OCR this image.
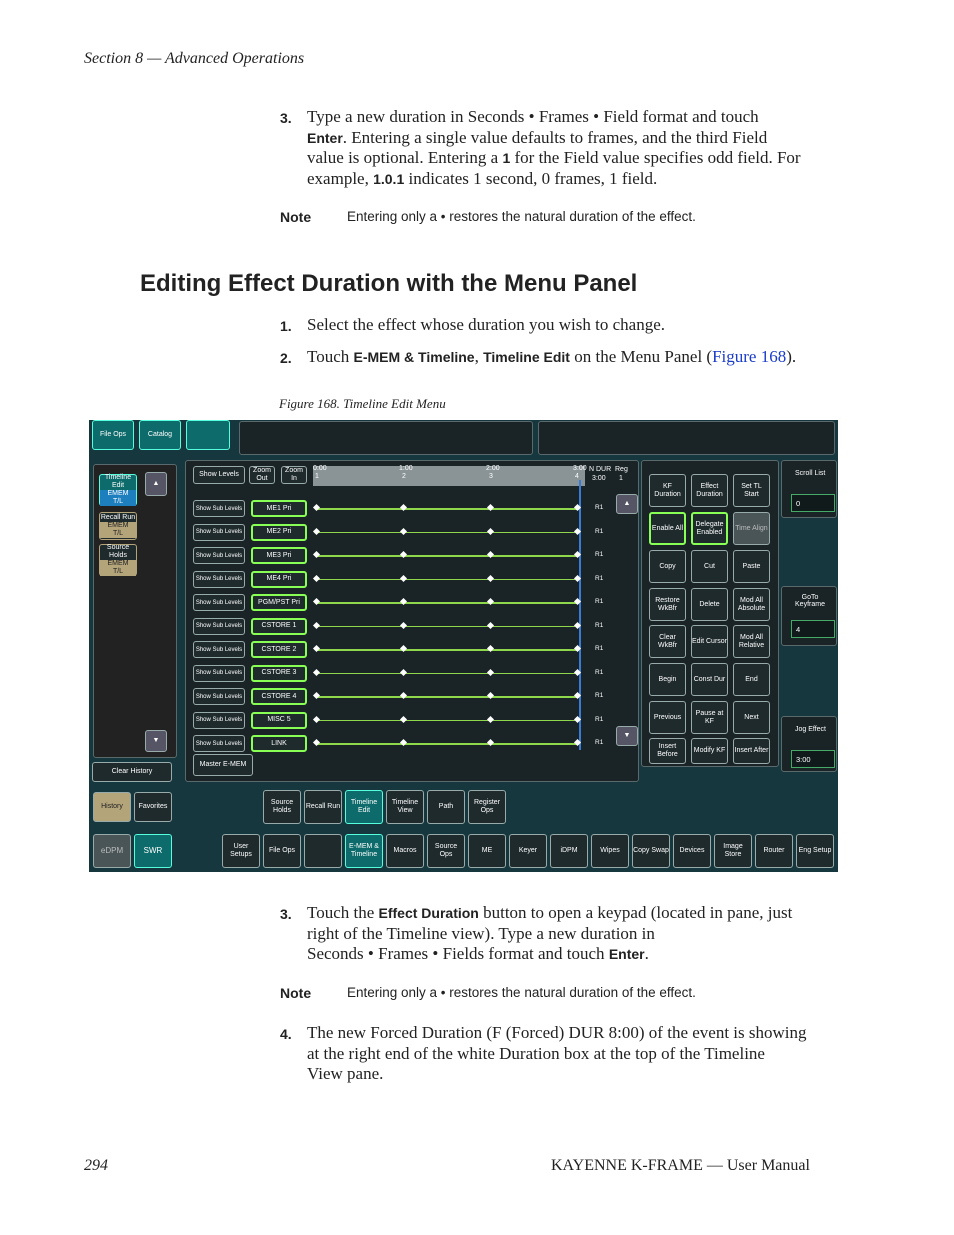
Section 8 — Advanced Operations
3. Type a new duration in Seconds • Frames • Field format and touch
Enter. Entering a single value defaults to frames, and the third Field
value is optional. Entering a 1 for the Field value specifies odd field. For
example, 1.0.1 indicates 1 second, 0 frames, 1 field.
Note	Entering only a • restores the natural duration of the effect.
Editing Effect Duration with the Menu Panel
1. Select the effect whose duration you wish to change.
2. Touch E-MEM & Timeline, Timeline Edit on the Menu Panel (Figure 168).
Figure 168. Timeline Edit Menu
File Ops	Catalog
Timeline Edit
EMEM T/L
Recall Run
EMEM T/L
Source Holds
EMEM T/L
▲
▼
Clear History
History	Favorites
eDPM	SWR
Show Levels
Zoom Out
Zoom In
0:00	1:00	2:00	3:00
1	2	3	4
N DUR
3:00
Reg
1
Show Sub Levels	ME1 Pri	R1
Show Sub Levels	ME2 Pri	R1
Show Sub Levels	ME3 Pri	R1
Show Sub Levels	ME4 Pri	R1
Show Sub Levels	PGM/PST Pri	R1
Show Sub Levels	CSTORE 1	R1
Show Sub Levels	CSTORE 2	R1
Show Sub Levels	CSTORE 3	R1
Show Sub Levels	CSTORE 4	R1
Show Sub Levels	MISC 5	R1
Show Sub Levels	LINK	R1
▲
▼
Master E-MEM
KF Duration
Effect Duration
Set TL Start
Enable All
Delegate Enabled
Time Align
Copy	Cut	Paste
Restore WkBfr
Delete
Mod All Absolute
Clear WkBfr
Edit Cursor
Mod All Relative
Begin	Const Dur	End
Previous
Pause at KF
Next
Insert Before
Modify KF	Insert After
Scroll List
0
GoTo Keyframe
4
Jog Effect
3:00
Source Holds
Recall Run
Timeline Edit
Timeline View
Path
Register Ops
User Setups
File Ops
E-MEM & Timeline
Macros
Source Ops
ME	Keyer	iDPM	Wipes	Copy Swap	Devices
Image Store
Router	Eng Setup
3. Touch the Effect Duration button to open a keypad (located in pane, just
right of the Timeline view). Type a new duration in
Seconds • Frames • Fields format and touch Enter.
Note	Entering only a • restores the natural duration of the effect.
4. The new Forced Duration (F (Forced) DUR 8:00) of the event is showing
at the right end of the white Duration box at the top of the Timeline
View pane.
294	KAYENNE K-FRAME — User Manual
